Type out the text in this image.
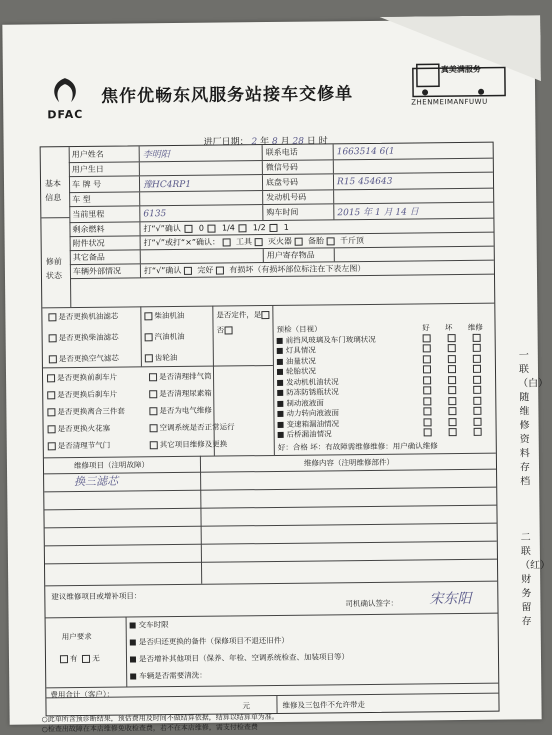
DFAC
焦作优畅东风服务站接车交修单
真美满服务
ZHENMEIMANFUWU
进厂日期： 2 年 8 月 28 日 时
基本信息
用户姓名	李明阳	联系电话	1663514 6(1
用户生日	微信号码
车 牌 号	豫HC4RP1	底盘号码	R15 454643
车 型	发动机号码
当前里程	6135	购车时间	2015 年 1 月 14 日
剩余燃料	打“√”确认 0 1/4 1/2 1
附件状况	打“√”或打“×”确认： 工具 灭火器 备胎 千斤顶
其它备品	用户寄存物品
车辆外部情况	打“√”确认 完好 有损坏（有损坏部位标注在下表左图）
修前状态
是否更换机油滤芯
是否更换柴油滤芯
是否更换空气滤芯
柴油机油
汽油机油
齿轮油
是否定件，是否	预检（目视）	好 坏 维修
前挡风玻璃及车门玻璃状况
灯具情况
油量状况
轮胎状况
发动机机油状况
防冻防锈瓶状况
制动液液面
动力转向液液面
变速箱漏油情况
后桥漏油情况
好：合格 坏：有故障需维修维修：用户确认维修
是否更换前刹车片	是否清理排气筒
是否更换后刹车片	是否清理尿素箱
是否更换离合三件套	是否为电气维修
是否更换火花塞	空调系统是否正常运行
是否清理节气门	其它项目维修及更换
维修项目（注明故障）	维修内容（注明维修部件）
换三滤芯
建议维修项目或增补项目：
司机确认签字： 宋东阳
用户要求
有 无
交车时限
是否归还更换的备件（保修项目不退还旧件）
是否增补其他项目（保养、年检、空调系统检查、加装项目等）
车辆是否需要清洗：
费用合计（客户）：
元	维修及三包件不允许带走
○此单所含预诊断结果，预估费用及时间不做结算依据，结算以结算单为准。
○检查出故障在本店维修免收检查费，若不在本店维修，需支付检查费
一联（白）随维修资料存档
二联（红）财务留存
